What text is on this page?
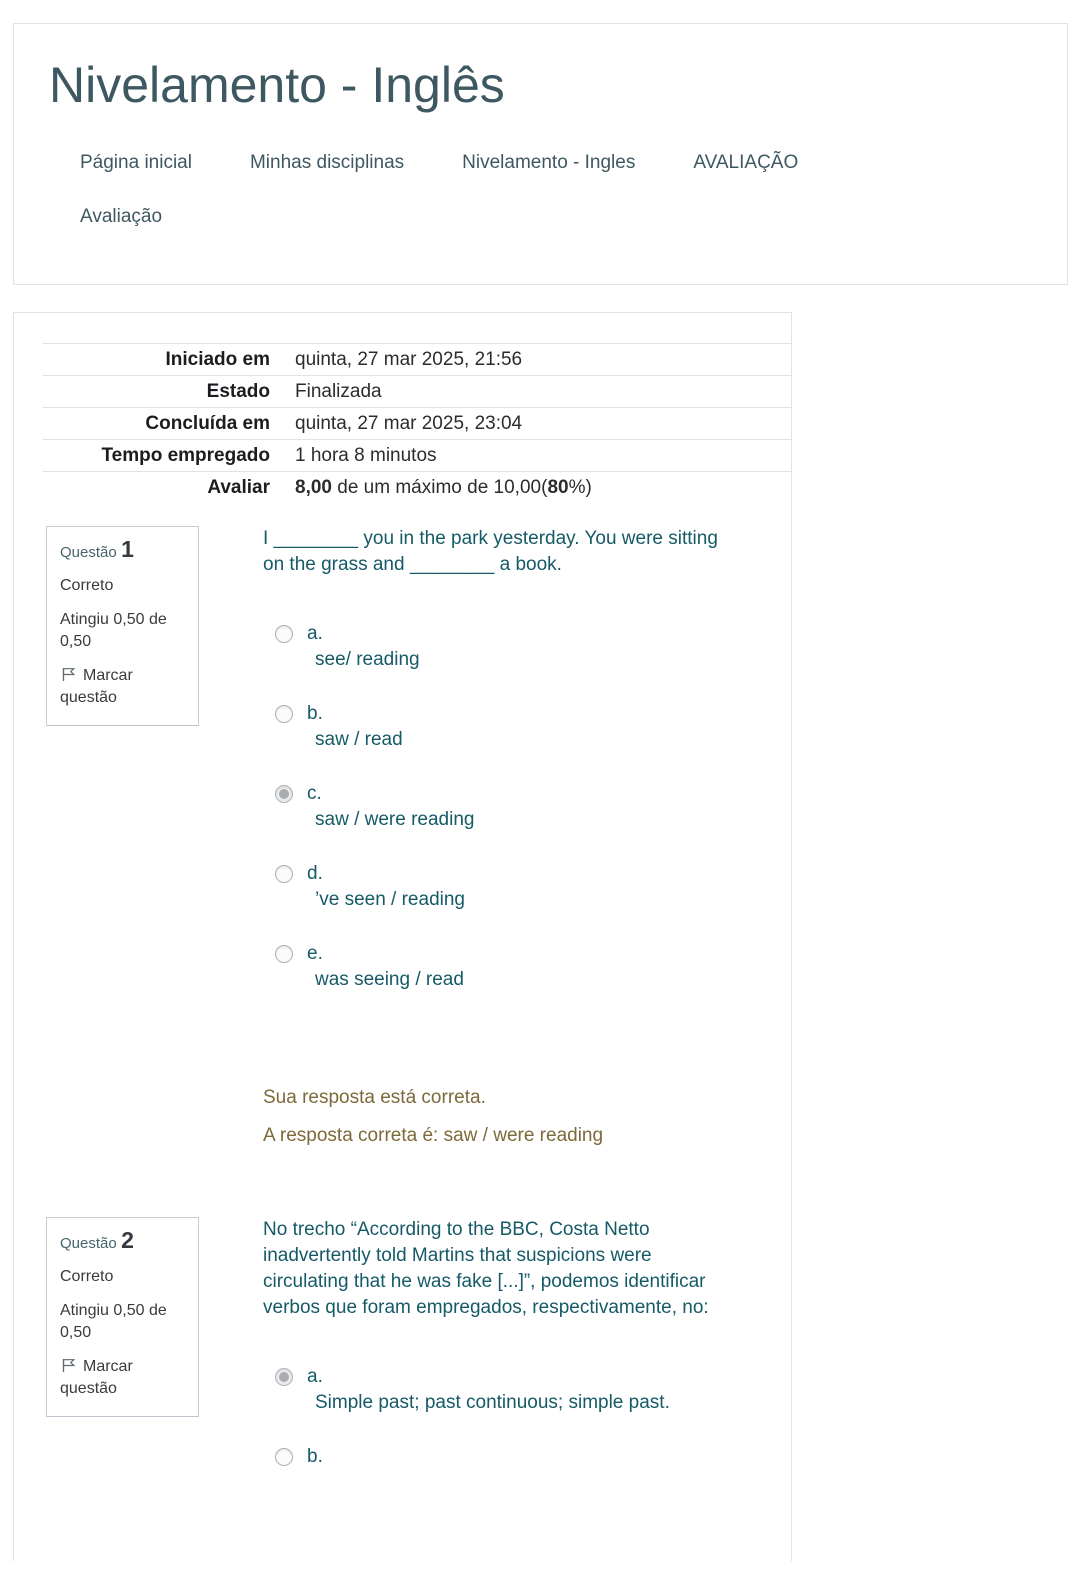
Nivelamento - Inglês
Página inicial	Minhas disciplinas	Nivelamento - Ingles	AVALIAÇÃO
Avaliação
Iniciado em	quinta, 27 mar 2025, 21:56
Estado	Finalizada
Concluída em	quinta, 27 mar 2025, 23:04
Tempo empregado	1 hora 8 minutos
Avaliar	8,00 de um máximo de 10,00(80%)
Questão 1
Correto
Atingiu 0,50 de 0,50
Marcar questão
I ________ you in the park yesterday. You were sitting on the grass and ________ a book.
a.
see/ reading
b.
saw / read
c.
saw / were reading
d.
’ve seen / reading
e.
was seeing / read
Sua resposta está correta.
A resposta correta é: saw / were reading
Questão 2
Correto
Atingiu 0,50 de 0,50
Marcar questão
No trecho “According to the BBC, Costa Netto inadvertently told Martins that suspicions were circulating that he was fake [...]”, podemos identificar verbos que foram empregados, respectivamente, no:
a.
Simple past; past continuous; simple past.
b.
